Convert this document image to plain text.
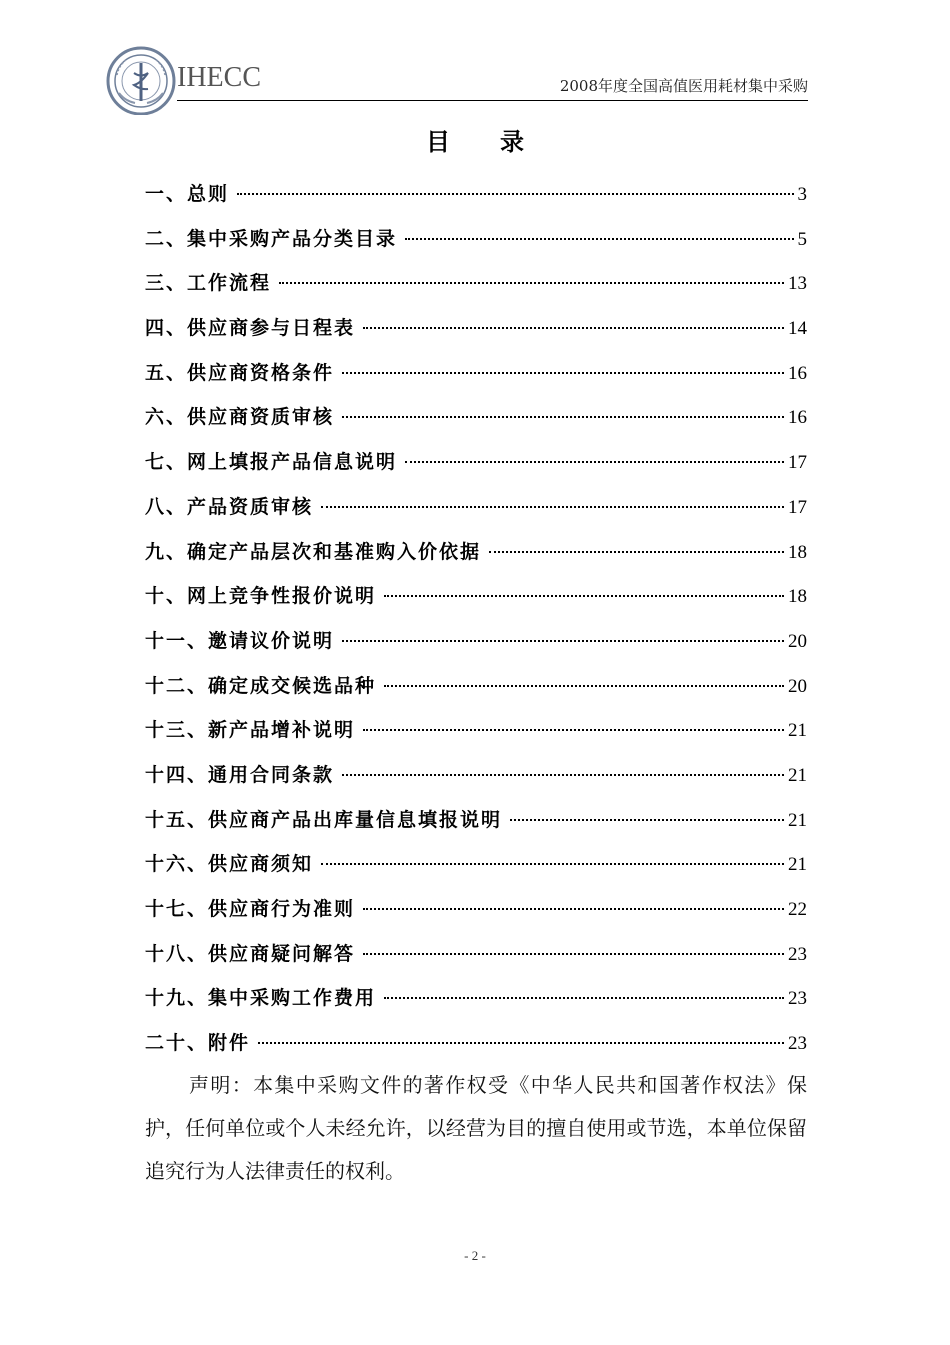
IHECC	2008年度全国高值医用耗材集中采购
目录
一、总则	3
二、集中采购产品分类目录	5
三、工作流程	13
四、供应商参与日程表	14
五、供应商资格条件	16
六、供应商资质审核	16
七、网上填报产品信息说明	17
八、产品资质审核	17
九、确定产品层次和基准购入价依据	18
十、网上竞争性报价说明	18
十一、邀请议价说明	20
十二、确定成交候选品种	20
十三、新产品增补说明	21
十四、通用合同条款	21
十五、供应商产品出库量信息填报说明	21
十六、供应商须知	21
十七、供应商行为准则	22
十八、供应商疑问解答	23
十九、集中采购工作费用	23
二十、附件	23

声明：本集中采购文件的著作权受《中华人民共和国著作权法》保护，任何单位或个人未经允许，以经营为目的擅自使用或节选，本单位保留追究行为人法律责任的权利。

- 2 -
